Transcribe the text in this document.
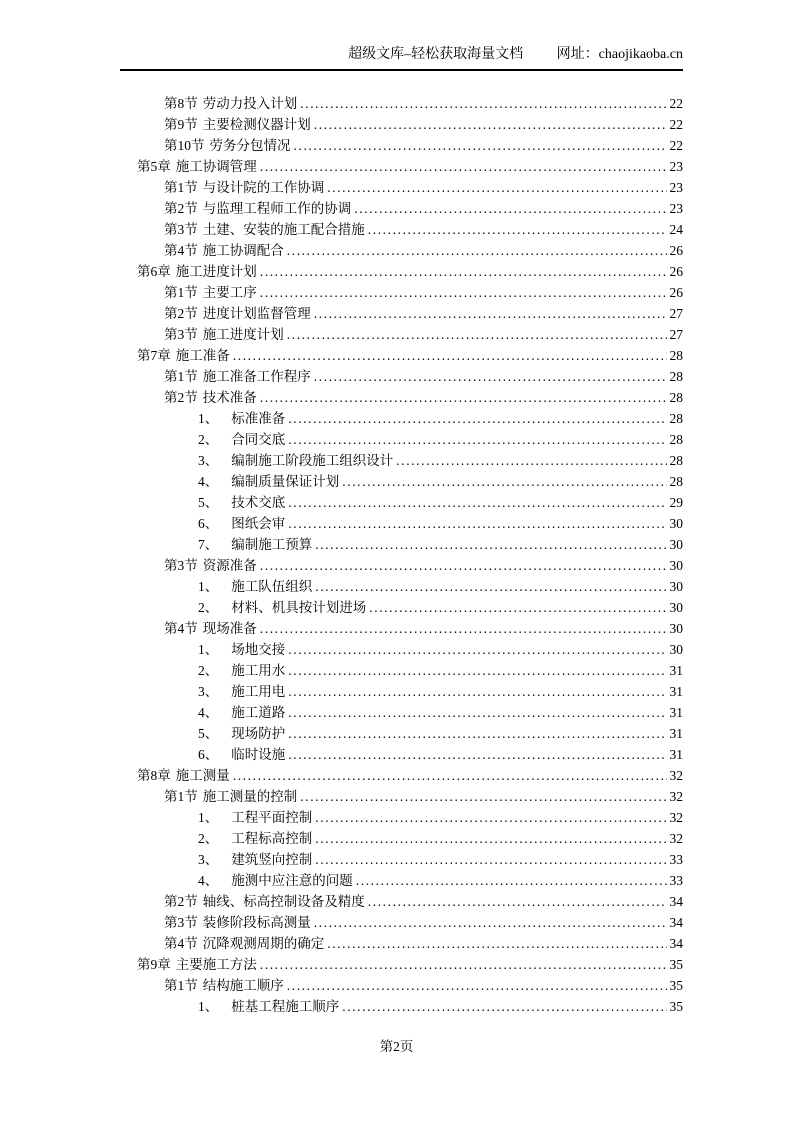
超级文库–轻松获取海量文档 网址：chaojikaoba.cn
第8节 劳动力投入计划 .....	22
第9节 主要检测仪器计划 .....	22
第10节 劳务分包情况 .....	22
第5章 施工协调管理 .....	23
第1节 与设计院的工作协调 .....	23
第2节 与监理工程师工作的协调 .....	23
第3节 土建、安装的施工配合措施 .....	24
第4节 施工协调配合 .....	26
第6章 施工进度计划 .....	26
第1节 主要工序 .....	26
第2节 进度计划监督管理 .....	27
第3节 施工进度计划 .....	27
第7章 施工准备 .....	28
第1节 施工准备工作程序 .....	28
第2节 技术准备 .....	28
1、 标准准备 .....	28
2、 合同交底 .....	28
3、 编制施工阶段施工组织设计 .....	28
4、 编制质量保证计划 .....	28
5、 技术交底 .....	29
6、 图纸会审 .....	30
7、 编制施工预算 .....	30
第3节 资源准备 .....	30
1、 施工队伍组织 .....	30
2、 材料、机具按计划进场 .....	30
第4节 现场准备 .....	30
1、 场地交接 .....	30
2、 施工用水 .....	31
3、 施工用电 .....	31
4、 施工道路 .....	31
5、 现场防护 .....	31
6、 临时设施 .....	31
第8章 施工测量 .....	32
第1节 施工测量的控制 .....	32
1、 工程平面控制 .....	32
2、 工程标高控制 .....	32
3、 建筑竖向控制 .....	33
4、 施测中应注意的问题 .....	33
第2节 轴线、标高控制设备及精度 .....	34
第3节 装修阶段标高测量 .....	34
第4节 沉降观测周期的确定 .....	34
第9章 主要施工方法 .....	35
第1节 结构施工顺序 .....	35
1、 桩基工程施工顺序 .....	35
第2页
